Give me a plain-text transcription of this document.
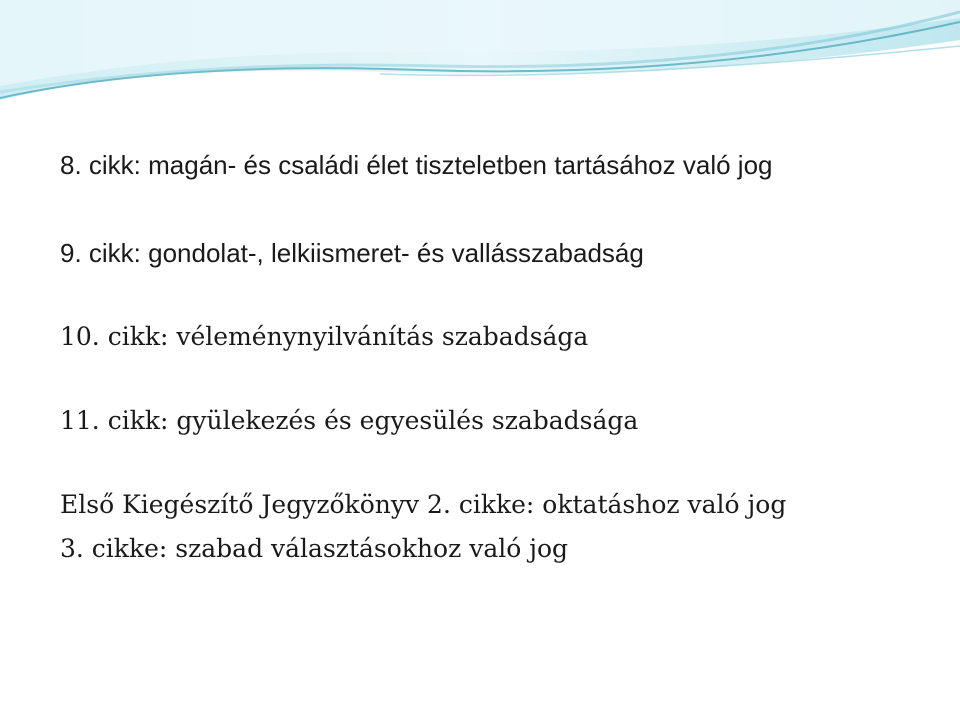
8. cikk: magán- és családi élet tiszteletben tartásához való jog

9. cikk: gondolat-, lelkiismeret- és vallásszabadság

10. cikk: véleménynyilvánítás szabadsága

11. cikk: gyülekezés és egyesülés szabadsága

Első Kiegészítő Jegyzőkönyv 2. cikke: oktatáshoz való jog

3. cikke: szabad választásokhoz való jog
